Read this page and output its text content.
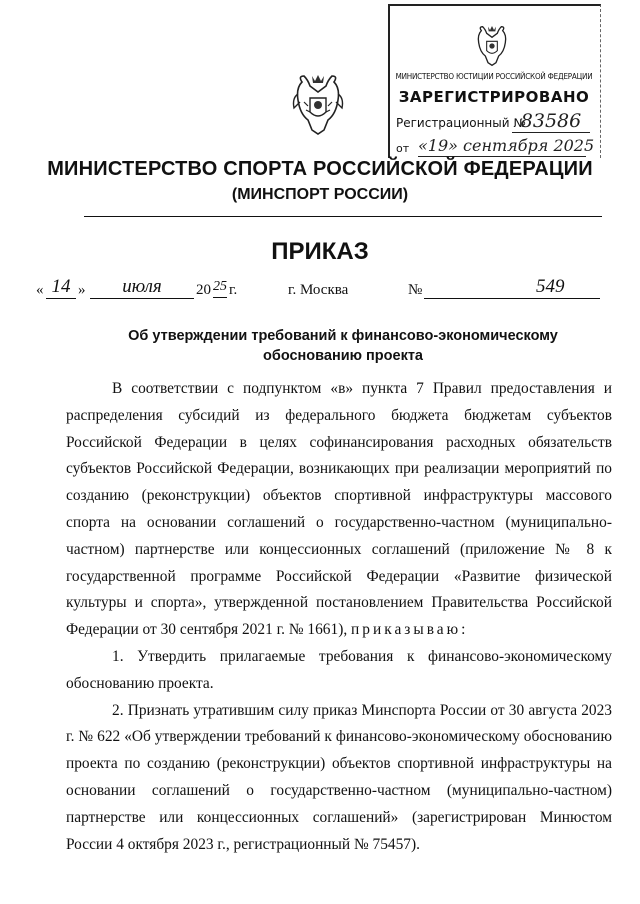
МИНИСТЕРСТВО ЮСТИЦИИ РОССИЙСКОЙ ФЕДЕРАЦИИ
ЗАРЕГИСТРИРОВАНО
Регистрационный №
83586
от «19» сентября 2025
МИНИСТЕРСТВО СПОРТА РОССИЙСКОЙ ФЕДЕРАЦИИ
(МИНСПОРТ РОССИИ)
ПРИКАЗ
« 14 »	июля	20 25 г.	г. Москва	№	549
Об утверждении требований к финансово-экономическому обоснованию проекта

В соответствии с подпунктом «в» пункта 7 Правил предоставления и распределения субсидий из федерального бюджета бюджетам субъектов Российской Федерации в целях софинансирования расходных обязательств субъектов Российской Федерации, возникающих при реализации мероприятий по созданию (реконструкции) объектов спортивной инфраструктуры массового спорта на основании соглашений о государственно-частном (муниципально-частном) партнерстве или концессионных соглашений (приложение № 8 к государственной программе Российской Федерации «Развитие физической культуры и спорта», утвержденной постановлением Правительства Российской Федерации от 30 сентября 2021 г. № 1661), приказываю:

1. Утвердить прилагаемые требования к финансово-экономическому обоснованию проекта.

2. Признать утратившим силу приказ Минспорта России от 30 августа 2023 г. № 622 «Об утверждении требований к финансово-экономическому обоснованию проекта по созданию (реконструкции) объектов спортивной инфраструктуры на основании соглашений о государственно-частном (муниципально-частном) партнерстве или концессионных соглашений» (зарегистрирован Минюстом России 4 октября 2023 г., регистрационный № 75457).
